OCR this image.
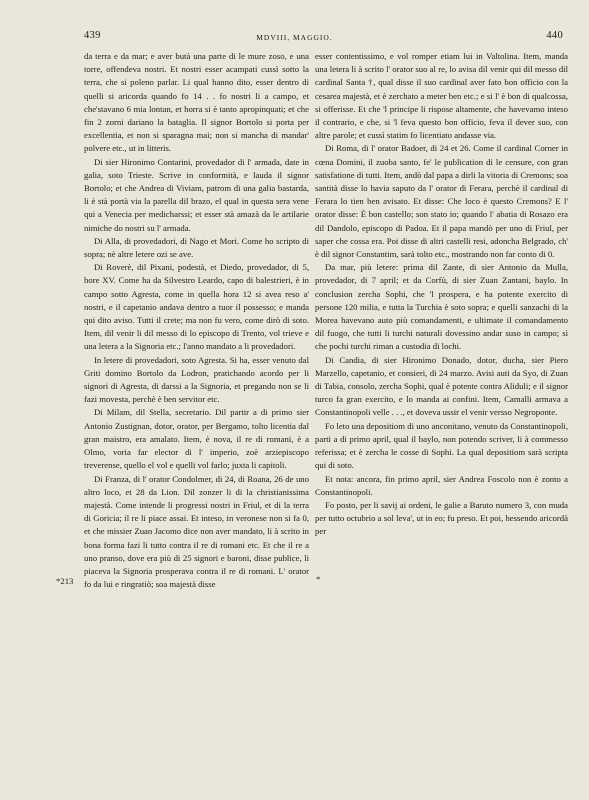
439	MDVIII, MAGGIO.	440
*213	*

da terra e da mar; e aver butà una parte di le mure zoso, e una torre, offendeva nostri. Et nostri esser acampati cussì sotto la terra, che si poleno parlar. Li qual hanno dito, esser dentro di quelli si aricorda quando fo 14 . . fo nostri li a campo, et che'stavano 6 mia lontan, et horra si è tanto apropinquati; et che fin 2 zorni dariano la bataglia. Il signor Bortolo si porta per excellentia, et non si sparagna mai; non si mancha di mandar' polvere etc., ut in litteris.

Di sier Hironimo Contarini, provedador di l' armada, date in galia, soto Trieste. Scrive in conformità, e lauda il signor Bortolo; et che Andrea di Viviam, patrom di una galia bastarda, li è stà portà via la parella dil brazo, el qual in questa sera vene qui a Venecia per medicharssi; et esser stà amazà da le artilarie nimiche do nostri su l' armada.

Di Alla, di provedadori, di Nago et Mori. Come ho scripto di sopra; nè altre letere ozi se ave.

Di Roverè, dil Pixani, podestà, et Diedo, provedador, di 5, hore XV. Come ha da Silvestro Leardo, capo di balestrieri, è in campo sotto Agresta, come in quella hora 12 si avea reso a' nostri, e il capetanio andava dentro a tuor il possesso; e manda qui dito aviso. Tutti il crete; ma non fu vero, come dirò di soto. Item, dil venir li dil messo di lo episcopo di Trento, vol trieve e una letera a la Signoria etc.; l'anno mandato a li provedadori.

In letere di provedadori, soto Agresta. Si ha, esser venuto dal Griti domino Bortolo da Lodron, pratichando acordo per li signori di Agresta, di darssi a la Signoria, et pregando non se li fazi movesta, perchè è ben servitor etc.

Di Milam, dil Stella, secretario. Dil partir a di primo sier Antonio Zustignan, dotor, orator, per Bergamo, tolto licentia dal gran maistro, era amalato. Item, è nova, il re di romani, è a Olmo, voria far elector di l' imperio, zoè arziepiscopo treverense, quello el vol e quelli vol farlo; juxta li capitoli.

Di Franza, di l' orator Condolmer, di 24, di Roana, 26 de uno altro loco, et 28 da Lion. Dil zonzer li di la christianissima majestà. Come intende li progressi nostri in Friul, et di la terra di Goricia; il re li piace assai. Et inteso, in veronese non si fa 0, et che missier Zuan Jacomo dice non aver mandato, li à scrito in bona forma fazi li tutto contra il re di romani etc. Et che il re a uno pranso, dove era più di 25 signori e baroni, disse publice, li piaceva la Signoria prosperava contra il re di romani. L' orator fo da lui e ringratiò; soa majestà disse

esser contentissimo, e vol romper etiam lui in Valtolina. Item, manda una letera li à scrito l' orator suo al re, lo avisa dil venir qui dil messo dil cardinal Santa †, qual disse il suo cardinal aver fato bon officio con la cesarea majestà, et è zerchato a meter ben etc.; e si l' è bon di qualcossa, si offerisse. Et che 'l principe li rispose altamente, che havevamo inteso il contrario, e che, si 'l feva questo bon officio, feva il dever suo, con altre parole; et cussì statim fo licentiato andasse via.

Di Roma, di l' orator Badoer, di 24 et 26. Come il cardinal Corner in cœna Domini, il zuoba santo, fe' le publication di le censure, con gran satisfatione di tutti. Item, andò dal papa a dirli la vitoria di Cremons; soa santità disse lo havia saputo da l' orator di Ferara, perchè il cardinal di Ferara lo tien ben avisato. Et disse: Che loco è questo Cremons? E l' orator disse: È bon castello; son stato io; quando l' abatia di Rosazo era dil Dandolo, episcopo di Padoa. Et il papa mandò per uno di Friul, per saper che cossa era. Poi disse di altri castelli resi, adoncha Belgrado, ch' è dil signor Constantim, sarà tolto etc., mostrando non far conto di 0.

Da mar, più letere: prima dil Zante, di sier Antonio da Mulla, provedador, di 7 april; et da Corfù, di sier Zuan Zantani, baylo. In conclusion zercha Sophi, che 'l prospera, e ha potente exercito di persone 120 milia, e tutta la Turchia è soto sopra; e quelli sanzachi di la Morea havevano auto più comandamenti, e ultimate il comandamento dil fuogo, che tutti li turchi naturali dovessino andar suso in campo; sì che pochi turchi riman a custodia di lochi.

Di Candia, di sier Hironimo Donado, dotor, ducha, sier Piero Marzello, capetanio, et consieri, di 24 marzo. Avisi auti da Syo, di Zuan di Tabia, consolo, zercha Sophi, qual è potente contra Aliduli; e il signor turco fa gran exercito, e lo manda ai confini. Item, Camalli armava a Constantinopoli velle . . ., et doveva ussir el venir versso Negroponte.

Fo leto una depositiom di uno anconitano, venuto da Constantinopoli, parti a di primo april, qual il baylo, non potendo scriver, li à commesso referissa; et è zercha le cosse di Sophi. La qual depositiom sarà scripta qui di soto.

Et nota: ancora, fin primo april, sier Andrea Foscolo non è zonto a Constantinopoli.

Fo posto, per li savij ai ordeni, le galie a Baruto numero 3, con muda per tutto octubrio a sol leva', ut in eo; fu preso. Et poi, hessendo aricordà per
